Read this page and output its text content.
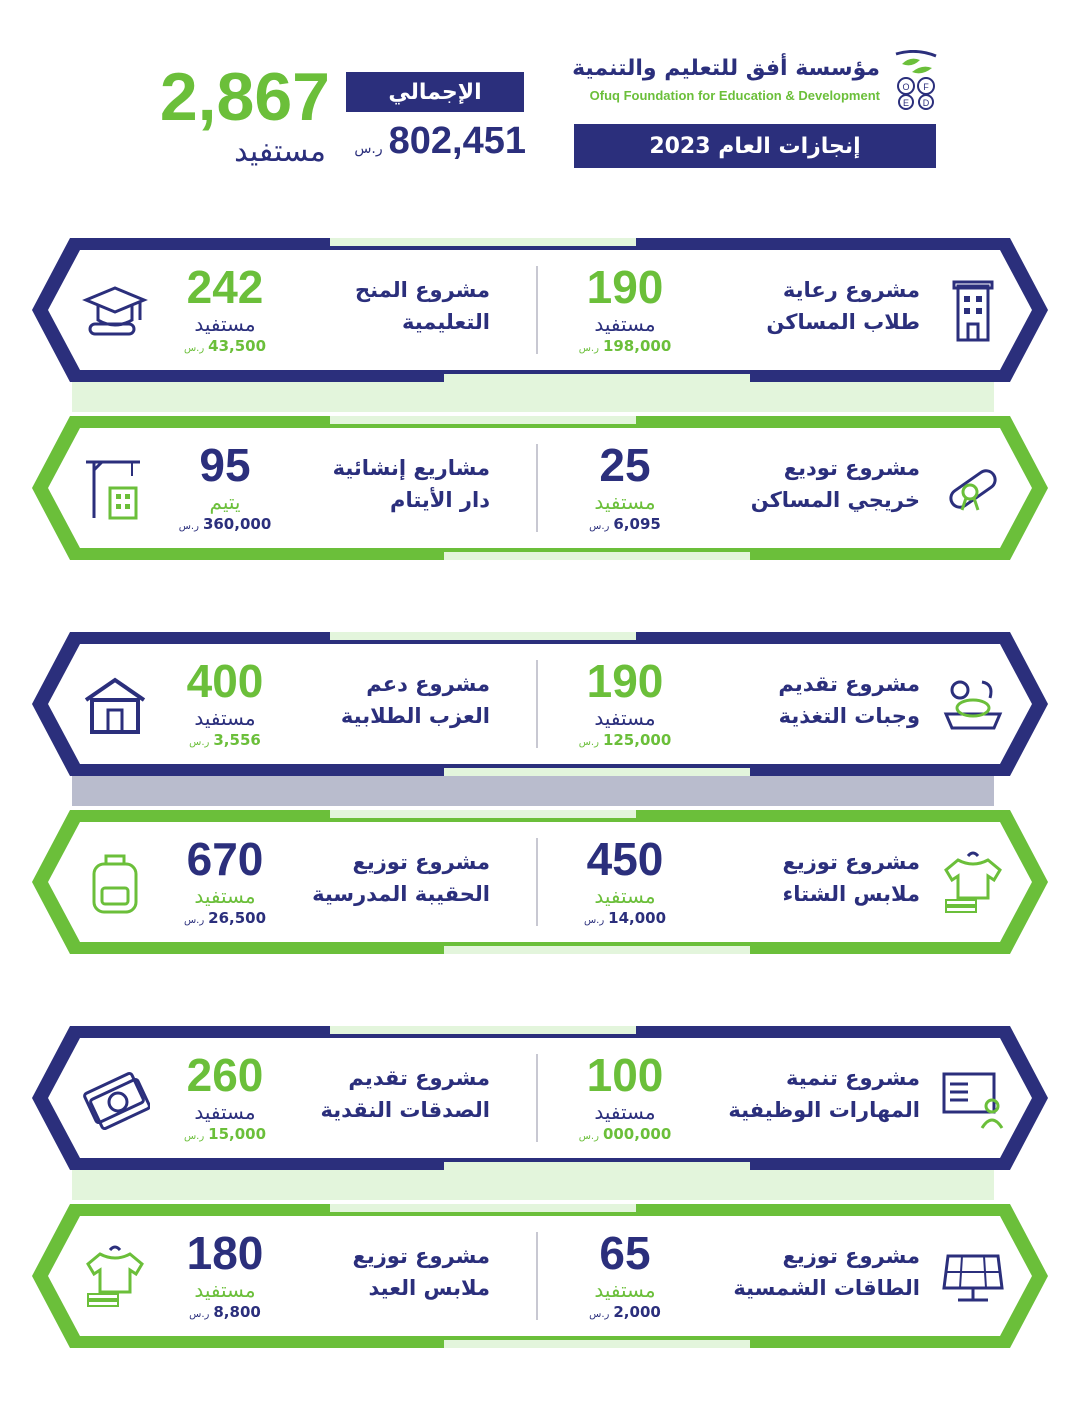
O F
E D
مؤسسة أفق للتعليم والتنمية
Ofuq Foundation for Education & Development
إنجازات العام 2023
الإجمالي
ر.س 802,451
2,867
مستفيد
مشروع رعاية
طلاب المساكن
190
مستفيد
ر.س 198,000
مشروع المنح
التعليمية
242
مستفيد
ر.س 43,500
مشروع توديع
خريجي المساكن
25
مستفيد
ر.س 6,095
مشاريع إنشائية
دار الأيتام
95
يتيم
ر.س 360,000
مشروع تقديم
وجبات التغذية
190
مستفيد
ر.س 125,000
مشروع دعم
العزب الطلابية
400
مستفيد
ر.س 3,556
مشروع توزيع
ملابس الشتاء
450
مستفيد
ر.س 14,000
مشروع توزيع
الحقيبة المدرسية
670
مستفيد
ر.س 26,500
مشروع تنمية
المهارات الوظيفية
100
مستفيد
ر.س 000,000
مشروع تقديم
الصدقات النقدية
260
مستفيد
ر.س 15,000
مشروع توزيع
الطاقات الشمسية
65
مستفيد
ر.س 2,000
مشروع توزيع
ملابس العيد
180
مستفيد
ر.س 8,800
